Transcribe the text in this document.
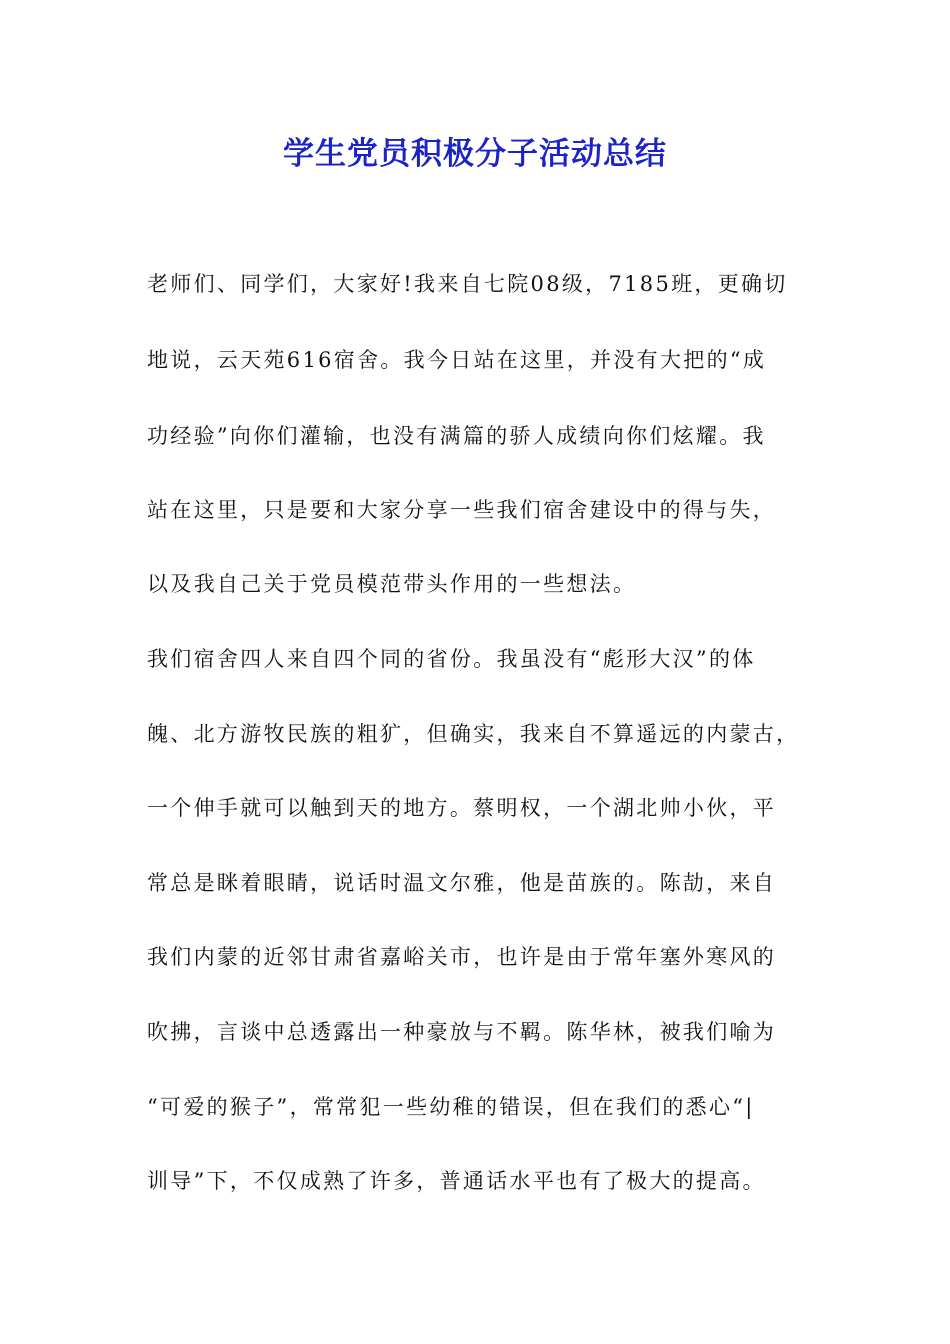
学生党员积极分子活动总结

老师们、同学们，大家好!我来自七院08级，7185班，更确切

地说，云天苑616宿舍。我今日站在这里，并没有大把的“成

功经验”向你们灌输，也没有满篇的骄人成绩向你们炫耀。我

站在这里，只是要和大家分享一些我们宿舍建设中的得与失，

以及我自己关于党员模范带头作用的一些想法。

我们宿舍四人来自四个同的省份。我虽没有“彪形大汉”的体

魄、北方游牧民族的粗犷，但确实，我来自不算遥远的内蒙古，

一个伸手就可以触到天的地方。蔡明权，一个湖北帅小伙，平

常总是眯着眼睛，说话时温文尔雅，他是苗族的。陈劼，来自

我们内蒙的近邻甘肃省嘉峪关市，也许是由于常年塞外寒风的

吹拂，言谈中总透露出一种豪放与不羁。陈华林，被我们喻为

“可爱的猴子”，常常犯一些幼稚的错误，但在我们的悉心“|

训导”下，不仅成熟了许多，普通话水平也有了极大的提高。
